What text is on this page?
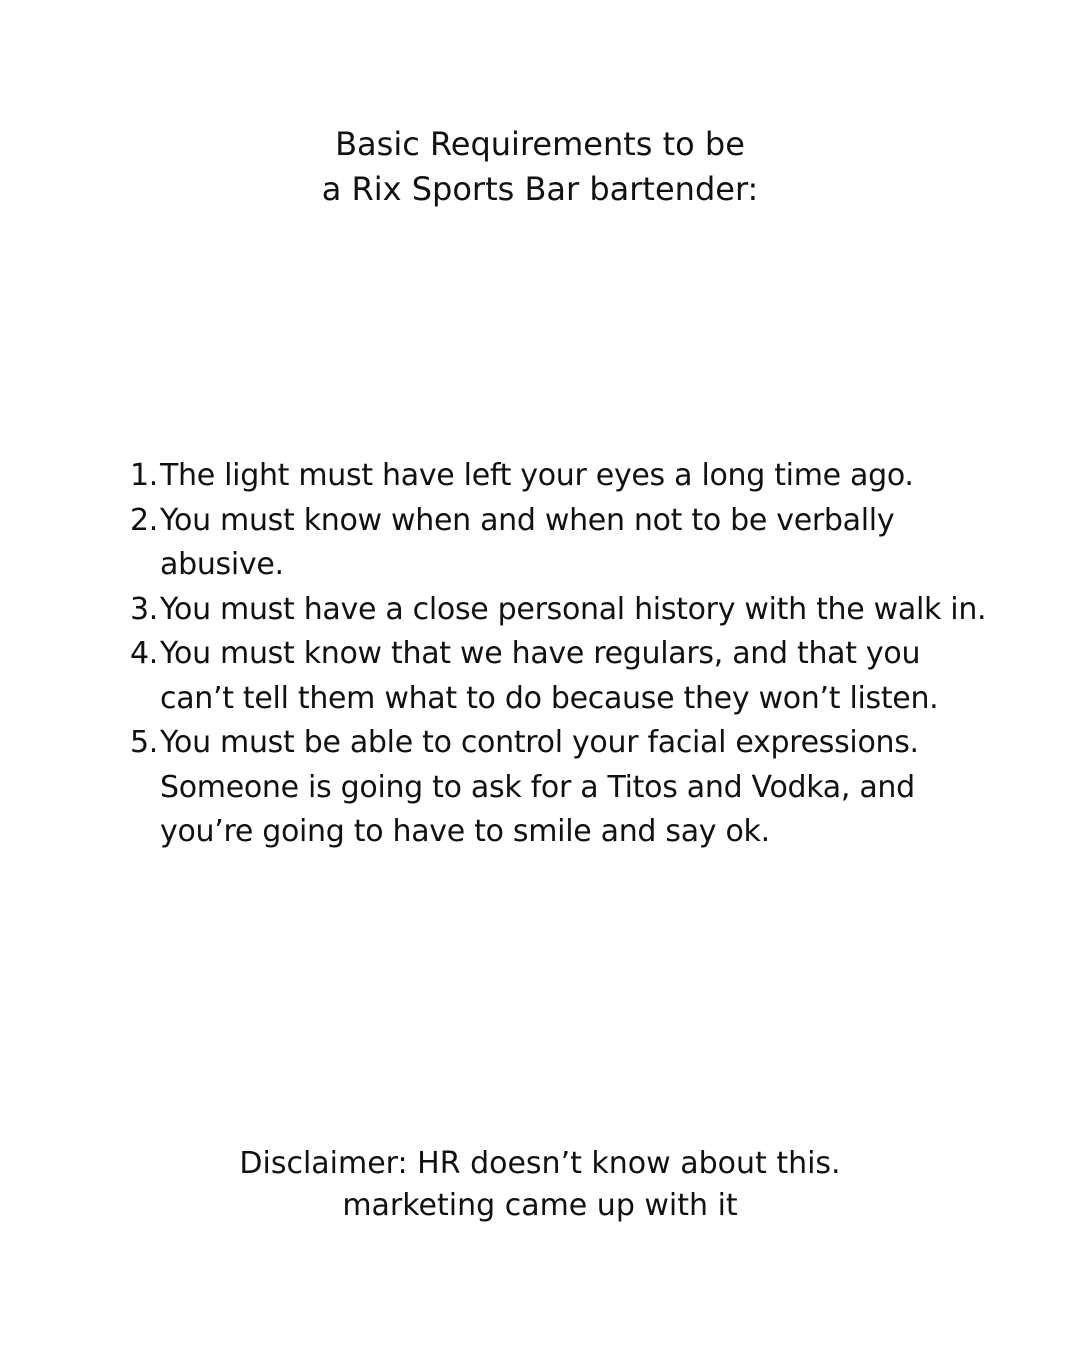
Basic Requirements to be
a Rix Sports Bar bartender:
1. The light must have left your eyes a long time ago.
2. You must know when and when not to be verbally abusive.
3. You must have a close personal history with the walk in.
4. You must know that we have regulars, and that you can’t tell them what to do because they won’t listen.
5. You must be able to control your facial expressions. Someone is going to ask for a Titos and Vodka, and you’re going to have to smile and say ok.

Disclaimer: HR doesn’t know about this.
marketing came up with it
